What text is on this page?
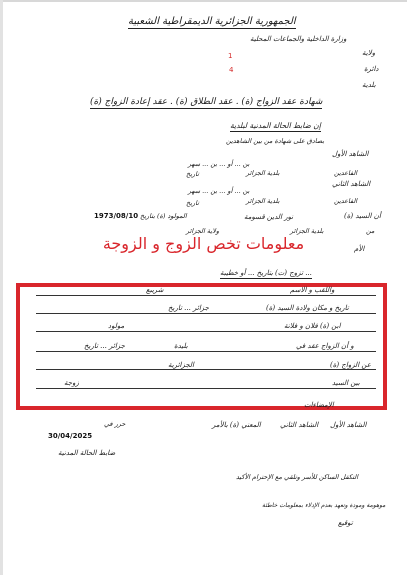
الجمهورية الجزائرية الديمقراطية الشعبية
وزارة الداخلية والجماعات المحلية
ولاية
1
دائرة
4
بلدية
شهادة عقد الزواج (ة) . عقد الطلاق (ة) . عقد إعادة الزواج (ة)
إن ضابط الحالة المدنية لبلدية
بصادق على شهادة من بين الشاهدين
الشاهد الأول
بن ... أو ... بن ... سهر
الفاعدين
بلدية الجزائر
تاريخ
الشاهد الثاني
بن ... أو ... بن ... سهر
تاريخ	الفاعدين
بلدية الجزائر
أن السيد (ة)
نور الدين قسومة
المولود (ة) بتاريخ
1973/08/10
من
بلدية الجزائر
ولاية الجزائر
الأم
معلومات تخص الزوج و الزوجة
تزوج (ت) بتاريخ ... أو خطيبة ...
واللقب و الاسم
شريبع
تاريخ و مكان ولادة السيد (ة)
جزائر ... تاريخ
ابن (ة) فلان و فلانة
مولود
و أن الزواج عقد في
بليدة
جزائر ... تاريخ
عن الزواج (ة)
الجزائرية
بين السيد
زوجة
الإمضاءات
الشاهد الأول
الشاهد الثاني
المعني (ة) بالأمر
حرر في
30/04/2025
ضابط الحالة المدنية
التكفل الساكن للأسر وتلقي مع الإحترام الأكيد
موهومة ومودة وتعهد بعدم الإدلاء بمعلومات خاطئة
توقيع
